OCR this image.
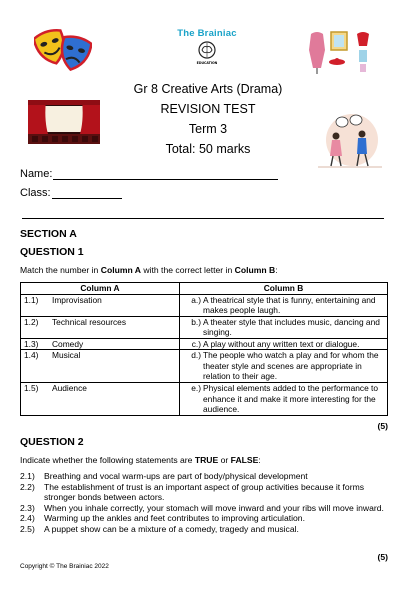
The Brainiac
EDUCATION
Gr 8 Creative Arts (Drama)
REVISION TEST
Term 3
Total: 50 marks
Name:
Class:
SECTION A
QUESTION 1
Match the number in Column A with the correct letter in Column B:
Column A	Column B

1.1) Improvisation	a.) A theatrical style that is funny, entertaining and makes people laugh.

1.2) Technical resources	b.) A theater style that includes music, dancing and singing.

1.3) Comedy	c.) A play without any written text or dialogue.

1.4) Musical	d.) The people who watch a play and for whom the theater style and scenes are appropriate in relation to their age.

1.5) Audience	e.) Physical elements added to the performance to enhance it and make it more interesting for the audience.
(5)
QUESTION 2
Indicate whether the following statements are TRUE or FALSE:
2.1)	Breathing and vocal warm-ups are part of body/physical development
2.2)	The establishment of trust is an important aspect of group activities because it forms stronger bonds between actors.
2.3)	When you inhale correctly, your stomach will move inward and your ribs will move inward.
2.4)	Warming up the ankles and feet contributes to improving articulation.
2.5)	A puppet show can be a mixture of a comedy, tragedy and musical.
(5)
Copyright © The Brainiac 2022
